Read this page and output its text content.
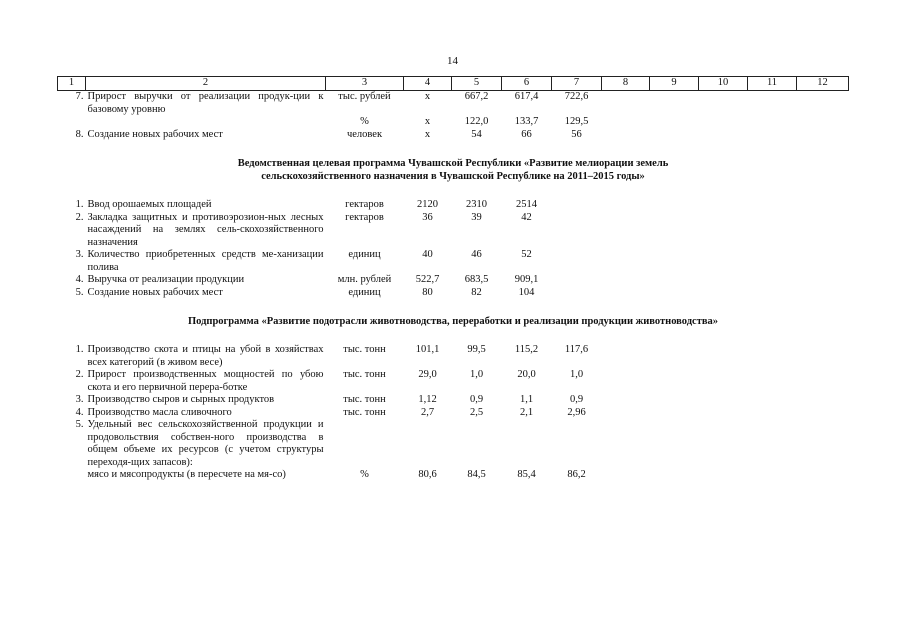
14
1	2	3	4	5	6	7	8	9	10	11	12
7.	Прирост выручки от реализации продук-ции к базовому уровню	тыс. рублей	х	667,2	617,4	722,6					
		%	х	122,0	133,7	129,5					
8.	Создание новых рабочих мест	человек	х	54	66	56					

Ведомственная целевая программа Чувашской Республики «Развитие мелиорации земель
сельскохозяйственного назначения в Чувашской Республике на 2011–2015 годы»											

1.	Ввод орошаемых площадей	гектаров	2120	2310	2514						
2.	Закладка защитных и противоэрозион-ных лесных насаждений на землях сель-скохозяйственного назначения	гектаров	36	39	42						
3.	Количество приобретенных средств ме-ханизации полива	единиц	40	46	52						
4.	Выручка от реализации продукции	млн. рублей	522,7	683,5	909,1						
5.	Создание новых рабочих мест	единиц	80	82	104						

Подпрограмма «Развитие подотрасли животноводства, переработки и реализации продукции животноводства»											

1.	Производство скота и птицы на убой в хозяйствах всех категорий (в живом весе)	тыс. тонн	101,1	99,5	115,2	117,6					
2.	Прирост производственных мощностей по убою скота и его первичной перера-ботке	тыс. тонн	29,0	1,0	20,0	1,0					
3.	Производство сыров и сырных продуктов	тыс. тонн	1,12	0,9	1,1	0,9					
4.	Производство масла сливочного	тыс. тонн	2,7	2,5	2,1	2,96					
5.	Удельный вес сельскохозяйственной продукции и продовольствия собствен-ного производства в общем объеме их ресурсов (с учетом структуры переходя-щих запасов):										
	мясо и мясопродукты (в пересчете на мя-со)	%	80,6	84,5	85,4	86,2					
